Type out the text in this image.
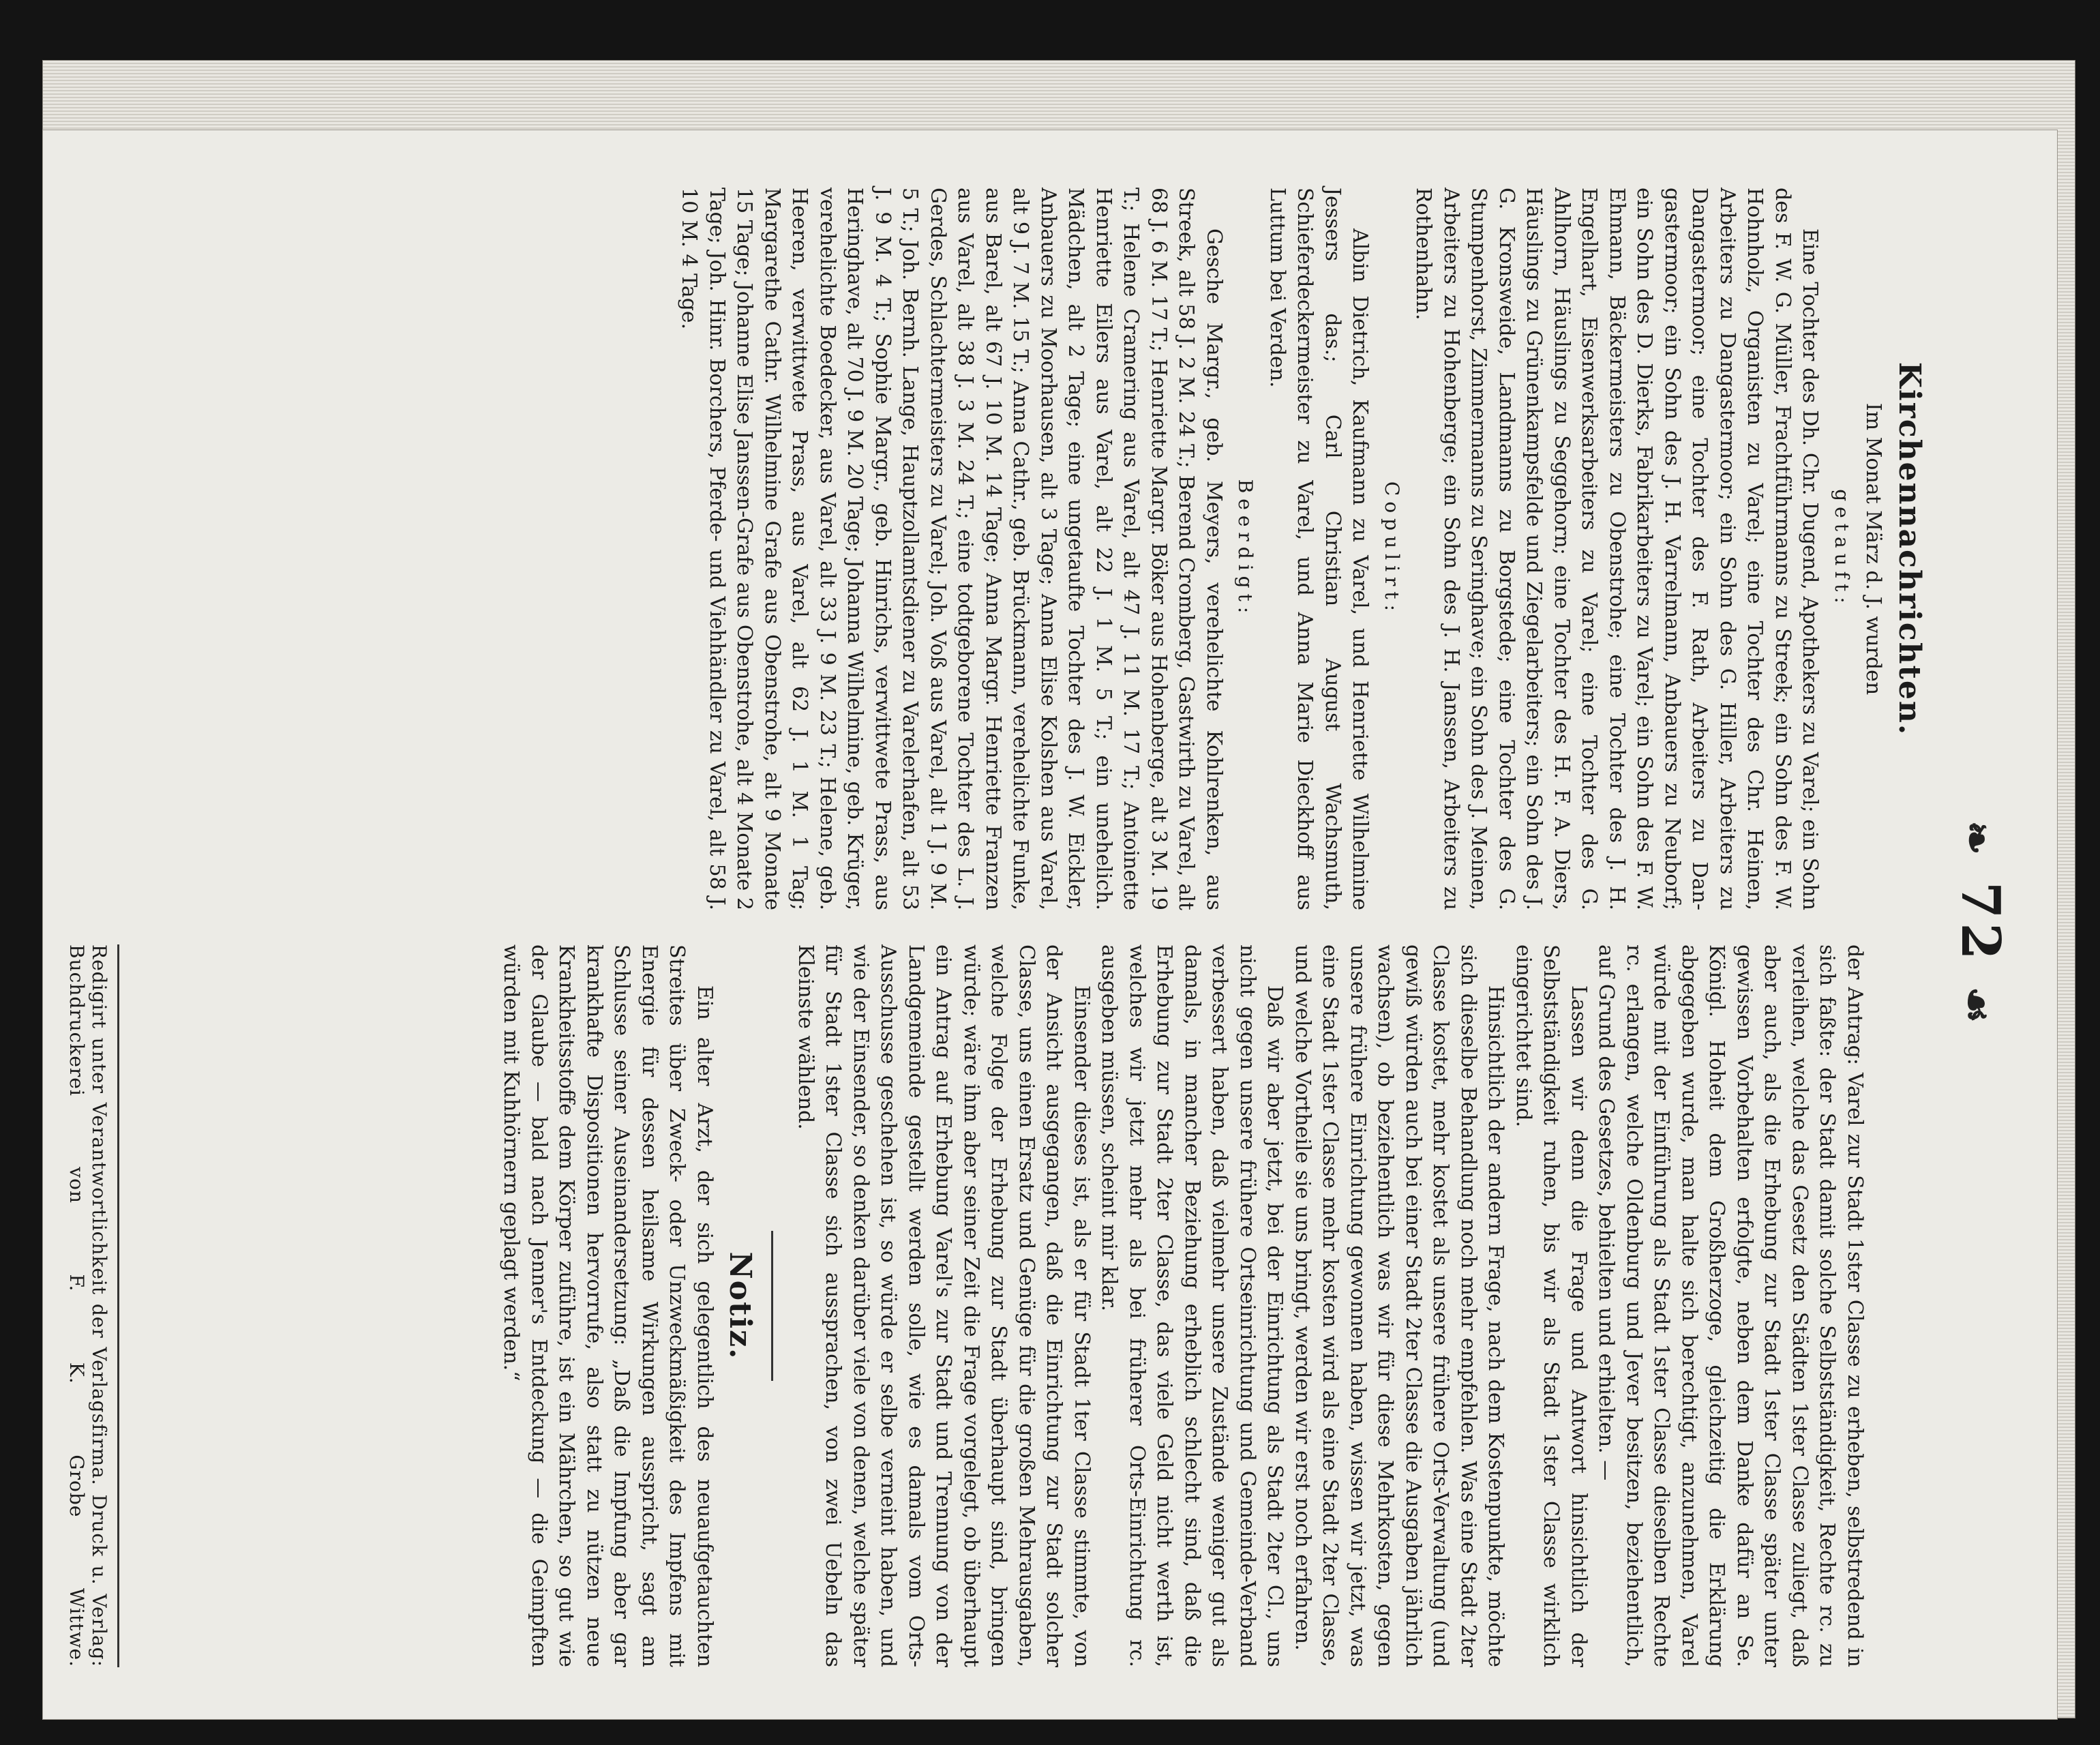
❧ 72 ☙
Kirchennachrichten.
Im Monat März d. J. wurden
getauft:

Eine Tochter des Dh. Chr. Dugend, Apothekers zu Varel; ein Sohn des F. W. G. Müller, Frachtführmanns zu Streek; ein Sohn des F. W. Hohnholz, Organisten zu Varel; eine Tochter des Chr. Heinen, Arbeiters zu Dangastermoor; ein Sohn des G. Hiller, Arbeiters zu Dangastermoor; eine Tochter des F. Rath, Arbeiters zu Dangastermoor; ein Sohn des J. H. Varrelmann, Anbauers zu Neuborf; ein Sohn des D. Dierks, Fabrikarbeiters zu Varel; ein Sohn des F. W. Ehmann, Bäckermeisters zu Obenstrohe; eine Tochter des J. H. Engelhart, Eisenwerksarbeiters zu Varel; eine Tochter des G. Ahlhorn, Häuslings zu Seggehorn; eine Tochter des H. F. A. Diers, Häuslings zu Grünenkampsfelde und Ziegelarbeiters; ein Sohn des J. G. Kronsweide, Landmanns zu Borgstede; eine Tochter des G. Stumpenhorst, Zimmermanns zu Seringhave; ein Sohn des J. Meinen, Arbeiters zu Hohenberge; ein Sohn des J. H. Janssen, Arbeiters zu Rothenhahn.

Copulirt:

Albin Dietrich, Kaufmann zu Varel, und Henriette Wilhelmine Jessers das.; Carl Christian August Wachsmuth, Schieferdeckermeister zu Varel, und Anna Marie Dieckhoff aus Luttum bei Verden.

Beerdigt:

Gesche Margr., geb. Meyers, verehelichte Kohlrenken, aus Streek, alt 58 J. 2 M. 24 T.; Berend Cromberg, Gastwirth zu Varel, alt 68 J. 6 M. 17 T.; Henriette Margr. Böker aus Hohenberge, alt 3 M. 19 T.; Helene Cramering aus Varel, alt 47 J. 11 M. 17 T.; Antoinette Henriette Eilers aus Varel, alt 22 J. 1 M. 5 T.; ein unehelich. Mädchen, alt 2 Tage; eine ungetaufte Tochter des J. W. Eickler, Anbauers zu Moorhausen, alt 3 Tage; Anna Elise Kolshen aus Varel, alt 9 J. 7 M. 15 T.; Anna Cathr., geb. Brückmann, verehelichte Funke, aus Barel, alt 67 J. 10 M. 14 Tage; Anna Margr. Henriette Franzen aus Varel, alt 38 J. 3 M. 24 T.; eine todtgeborene Tochter des L. J. Gerdes, Schlachtermeisters zu Varel; Joh. Voß aus Varel, alt 1 J. 9 M. 5 T.; Joh. Bernh. Lange, Hauptzollamtsdiener zu Varelerhafen, alt 53 J. 9 M. 4 T.; Sophie Margr., geb. Hinrichs, verwittwete Prass, aus Heringhave, alt 70 J. 9 M. 20 Tage; Johanna Wilhelmine, geb. Krüger, verehelichte Boedecker, aus Varel, alt 33 J. 9 M. 23 T.; Helene, geb. Heeren, verwittwete Prass, aus Varel, alt 62 J. 1 M. 1 Tag; Margarethe Cathr. Wilhelmine Grafe aus Obenstrohe, alt 9 Monate 15 Tage; Johanne Elise Janssen-Grafe aus Obenstrohe, alt 4 Monate 2 Tage; Joh. Hinr. Borchers, Pferde- und Viehhändler zu Varel, alt 58 J. 10 M. 4 Tage.

der Antrag: Varel zur Stadt 1ster Classe zu erheben, selbstredend in sich faßte: der Stadt damit solche Selbstständigkeit, Rechte rc. zu verleihen, welche das Gesetz den Städten 1ster Classe zuliegt, daß aber auch, als die Erhebung zur Stadt 1ster Classe später unter gewissen Vorbehalten erfolgte, neben dem Danke dafür an Se. Königl. Hoheit dem Großherzoge, gleichzeitig die Erklärung abgegeben wurde, man halte sich berechtigt, anzunehmen, Varel würde mit der Einführung als Stadt 1ster Classe dieselben Rechte rc. erlangen, welche Oldenburg und Jever besitzen, beziehentlich, auf Grund des Gesetzes, behielten und erhielten. —

Lassen wir denn die Frage und Antwort hinsichtlich der Selbstständigkeit ruhen, bis wir als Stadt 1ster Classe wirklich eingerichtet sind.

Hinsichtlich der andern Frage, nach dem Kostenpunkte, möchte sich dieselbe Behandlung noch mehr empfehlen. Was eine Stadt 2ter Classe kostet, mehr kostet als unsere frühere Orts-Verwaltung (und gewiß würden auch bei einer Stadt 2ter Classe die Ausgaben jährlich wachsen), ob beziehentlich was wir für diese Mehrkosten, gegen unsere frühere Einrichtung gewonnen haben, wissen wir jetzt, was eine Stadt 1ster Classe mehr kosten wird als eine Stadt 2ter Classe, und welche Vortheile sie uns bringt, werden wir erst noch erfahren.

Daß wir aber jetzt, bei der Einrichtung als Stadt 2ter Cl., uns nicht gegen unsere frühere Ortseinrichtung und Gemeinde-Verband verbessert haben, daß vielmehr unsere Zustände weniger gut als damals, in mancher Beziehung erheblich schlecht sind, daß die Erhebung zur Stadt 2ter Classe, das viele Geld nicht werth ist, welches wir jetzt mehr als bei früherer Orts-Einrichtung rc. ausgeben müssen, scheint mir klar.

Einsender dieses ist, als er für Stadt 1ter Classe stimmte, von der Ansicht ausgegangen, daß die Einrichtung zur Stadt solcher Classe, uns einen Ersatz und Genüge für die großen Mehrausgaben, welche Folge der Erhebung zur Stadt überhaupt sind, bringen würde; wäre ihm aber seiner Zeit die Frage vorgelegt, ob überhaupt ein Antrag auf Erhebung Varel's zur Stadt und Trennung von der Landgemeinde gestellt werden solle, wie es damals vom Orts-Ausschusse geschehen ist, so würde er selbe verneint haben, und wie der Einsender, so denken darüber viele von denen, welche später für Stadt 1ster Classe sich aussprachen, von zwei Uebeln das Kleinste wählend.

Notiz.

Ein alter Arzt, der sich gelegentlich des neuaufgetauchten Streites über Zweck- oder Unzweckmäßigkeit des Impfens mit Energie für dessen heilsame Wirkungen ausspricht, sagt am Schlusse seiner Auseinandersetzung: „Daß die Impfung aber gar krankhafte Dispositionen hervorrufe, also statt zu nützen neue Krankheitsstoffe dem Körper zuführe, ist ein Mährchen, so gut wie der Glaube — bald nach Jenner's Entdeckung — die Geimpften würden mit Kuhhörnern geplagt werden.“

Redigirt unter Verantwortlichkeit der Verlagsfirma. Druck u. Verlag: Buchdruckerei von F. K. Grobe Wittwe.
